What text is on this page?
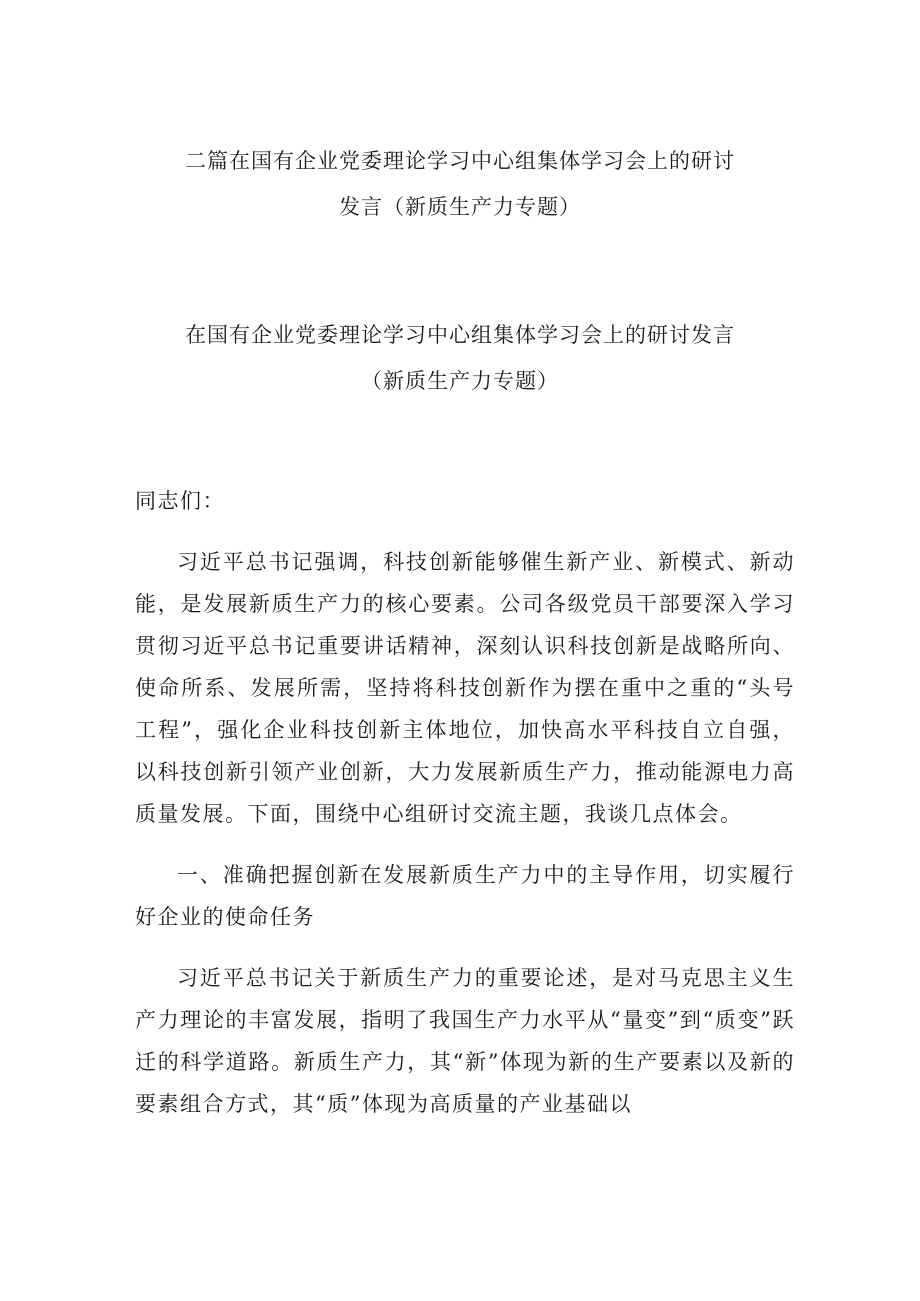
二篇在国有企业党委理论学习中心组集体学习会上的研讨
发言（新质生产力专题）
在国有企业党委理论学习中心组集体学习会上的研讨发言
（新质生产力专题）

同志们：

习近平总书记强调，科技创新能够催生新产业、新模式、新动能，是发展新质生产力的核心要素。公司各级党员干部要深入学习贯彻习近平总书记重要讲话精神，深刻认识科技创新是战略所向、使命所系、发展所需，坚持将科技创新作为摆在重中之重的“头号工程”，强化企业科技创新主体地位，加快高水平科技自立自强，以科技创新引领产业创新，大力发展新质生产力，推动能源电力高质量发展。下面，围绕中心组研讨交流主题，我谈几点体会。

一、准确把握创新在发展新质生产力中的主导作用，切实履行好企业的使命任务

习近平总书记关于新质生产力的重要论述，是对马克思主义生产力理论的丰富发展，指明了我国生产力水平从“量变”到“质变”跃迁的科学道路。新质生产力，其“新”体现为新的生产要素以及新的要素组合方式，其“质”体现为高质量的产业基础以
